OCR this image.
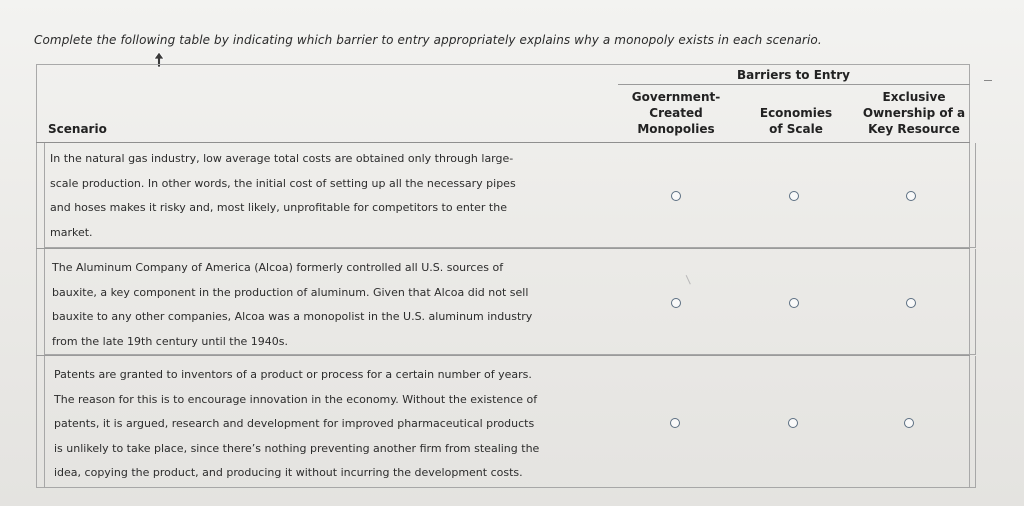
Complete the following table by indicating which barrier to entry appropriately explains why a monopoly exists in each scenario.
Barriers to Entry
Government-
Created
Monopolies
Economies
of Scale
Exclusive
Ownership of a
Key Resource
Scenario
In the natural gas industry, low average total costs are obtained only through large-
scale production. In other words, the initial cost of setting up all the necessary pipes
and hoses makes it risky and, most likely, unprofitable for competitors to enter the
market.
The Aluminum Company of America (Alcoa) formerly controlled all U.S. sources of
bauxite, a key component in the production of aluminum. Given that Alcoa did not sell
bauxite to any other companies, Alcoa was a monopolist in the U.S. aluminum industry
from the late 19th century until the 1940s.
Patents are granted to inventors of a product or process for a certain number of years.
The reason for this is to encourage innovation in the economy. Without the existence of
patents, it is argued, research and development for improved pharmaceutical products
is unlikely to take place, since there’s nothing preventing another firm from stealing the
idea, copying the product, and producing it without incurring the development costs.
